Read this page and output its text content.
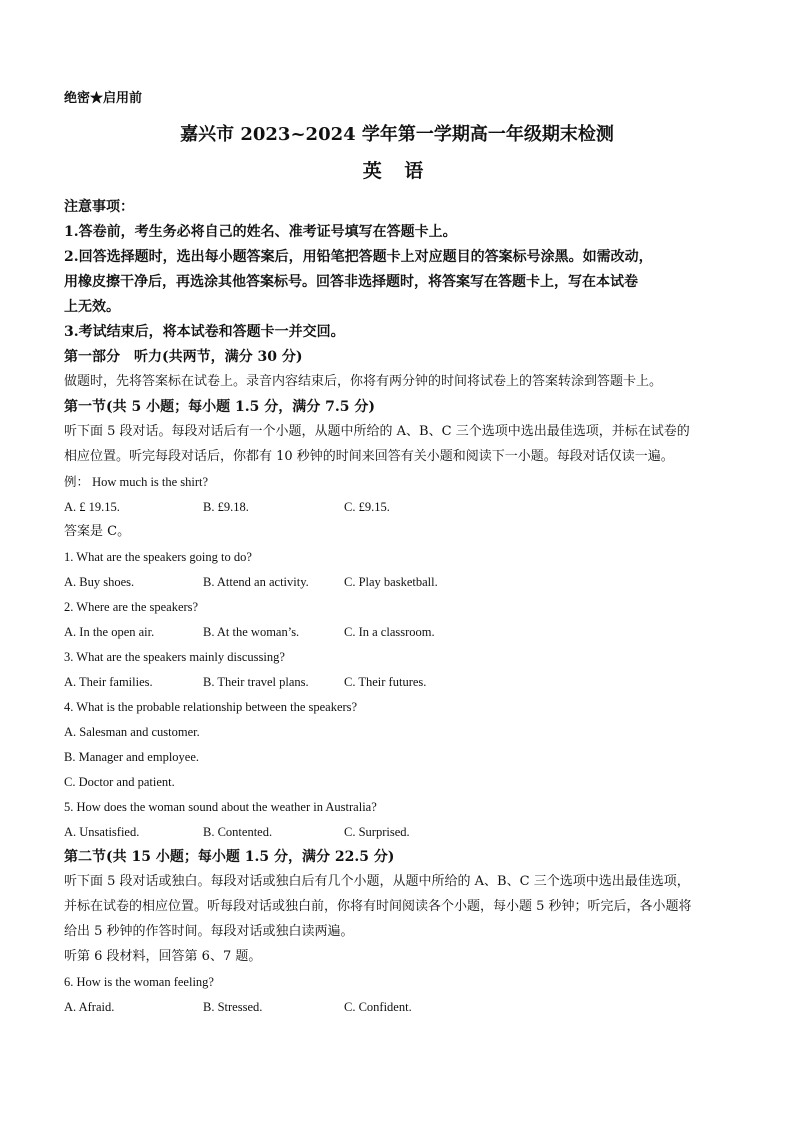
绝密★启用前
嘉兴市 2023~2024 学年第一学期高一年级期末检测
英 语
注意事项：
1.答卷前，考生务必将自己的姓名、准考证号填写在答题卡上。
2.回答选择题时，选出每小题答案后，用铅笔把答题卡上对应题目的答案标号涂黑。如需改动，
用橡皮擦干净后，再选涂其他答案标号。回答非选择题时，将答案写在答题卡上，写在本试卷
上无效。
3.考试结束后，将本试卷和答题卡一并交回。
第一部分　听力(共两节，满分 30 分)
做题时，先将答案标在试卷上。录音内容结束后，你将有两分钟的时间将试卷上的答案转涂到答题卡上。
第一节(共 5 小题；每小题 1.5 分，满分 7.5 分)
听下面 5 段对话。每段对话后有一个小题，从题中所给的 A、B、C 三个选项中选出最佳选项，并标在试卷的
相应位置。听完每段对话后，你都有 10 秒钟的时间来回答有关小题和阅读下一小题。每段对话仅读一遍。
例： How much is the shirt?
A. £ 19.15.	B. £9.18.	C. £9.15.
答案是 C。
1. What are the speakers going to do?
A. Buy shoes.	B. Attend an activity.	C. Play basketball.
2. Where are the speakers?
A. In the open air.	B. At the woman’s.	C. In a classroom.
3. What are the speakers mainly discussing?
A. Their families.	B. Their travel plans.	C. Their futures.
4. What is the probable relationship between the speakers?
A. Salesman and customer.
B. Manager and employee.
C. Doctor and patient.
5. How does the woman sound about the weather in Australia?
A. Unsatisfied.	B. Contented.	C. Surprised.
第二节(共 15 小题；每小题 1.5 分，满分 22.5 分)
听下面 5 段对话或独白。每段对话或独白后有几个小题，从题中所给的 A、B、C 三个选项中选出最佳选项，
并标在试卷的相应位置。听每段对话或独白前，你将有时间阅读各个小题，每小题 5 秒钟；听完后，各小题将
给出 5 秒钟的作答时间。每段对话或独白读两遍。
听第 6 段材料，回答第 6、7 题。
6. How is the woman feeling?
A. Afraid.	B. Stressed.	C. Confident.
